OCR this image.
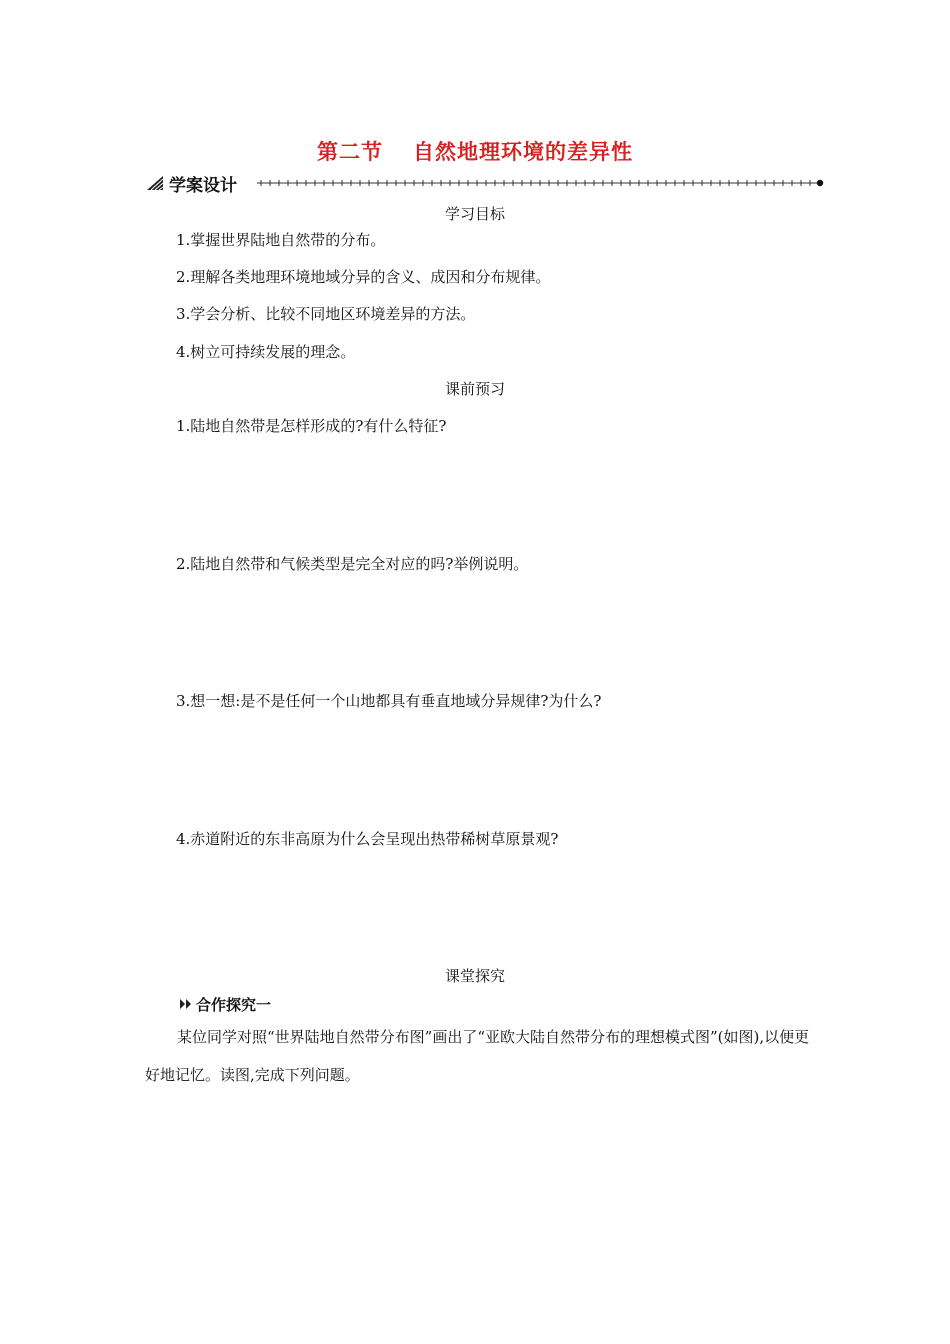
第二节 自然地理环境的差异性
学案设计
学习目标
1.掌握世界陆地自然带的分布。
2.理解各类地理环境地域分异的含义、成因和分布规律。
3.学会分析、比较不同地区环境差异的方法。
4.树立可持续发展的理念。
课前预习
1.陆地自然带是怎样形成的?有什么特征?
2.陆地自然带和气候类型是完全对应的吗?举例说明。
3.想一想:是不是任何一个山地都具有垂直地域分异规律?为什么?
4.赤道附近的东非高原为什么会呈现出热带稀树草原景观?
课堂探究
合作探究一
某位同学对照“世界陆地自然带分布图”画出了“亚欧大陆自然带分布的理想模式图”(如图),以便更好地记忆。读图,完成下列问题。
